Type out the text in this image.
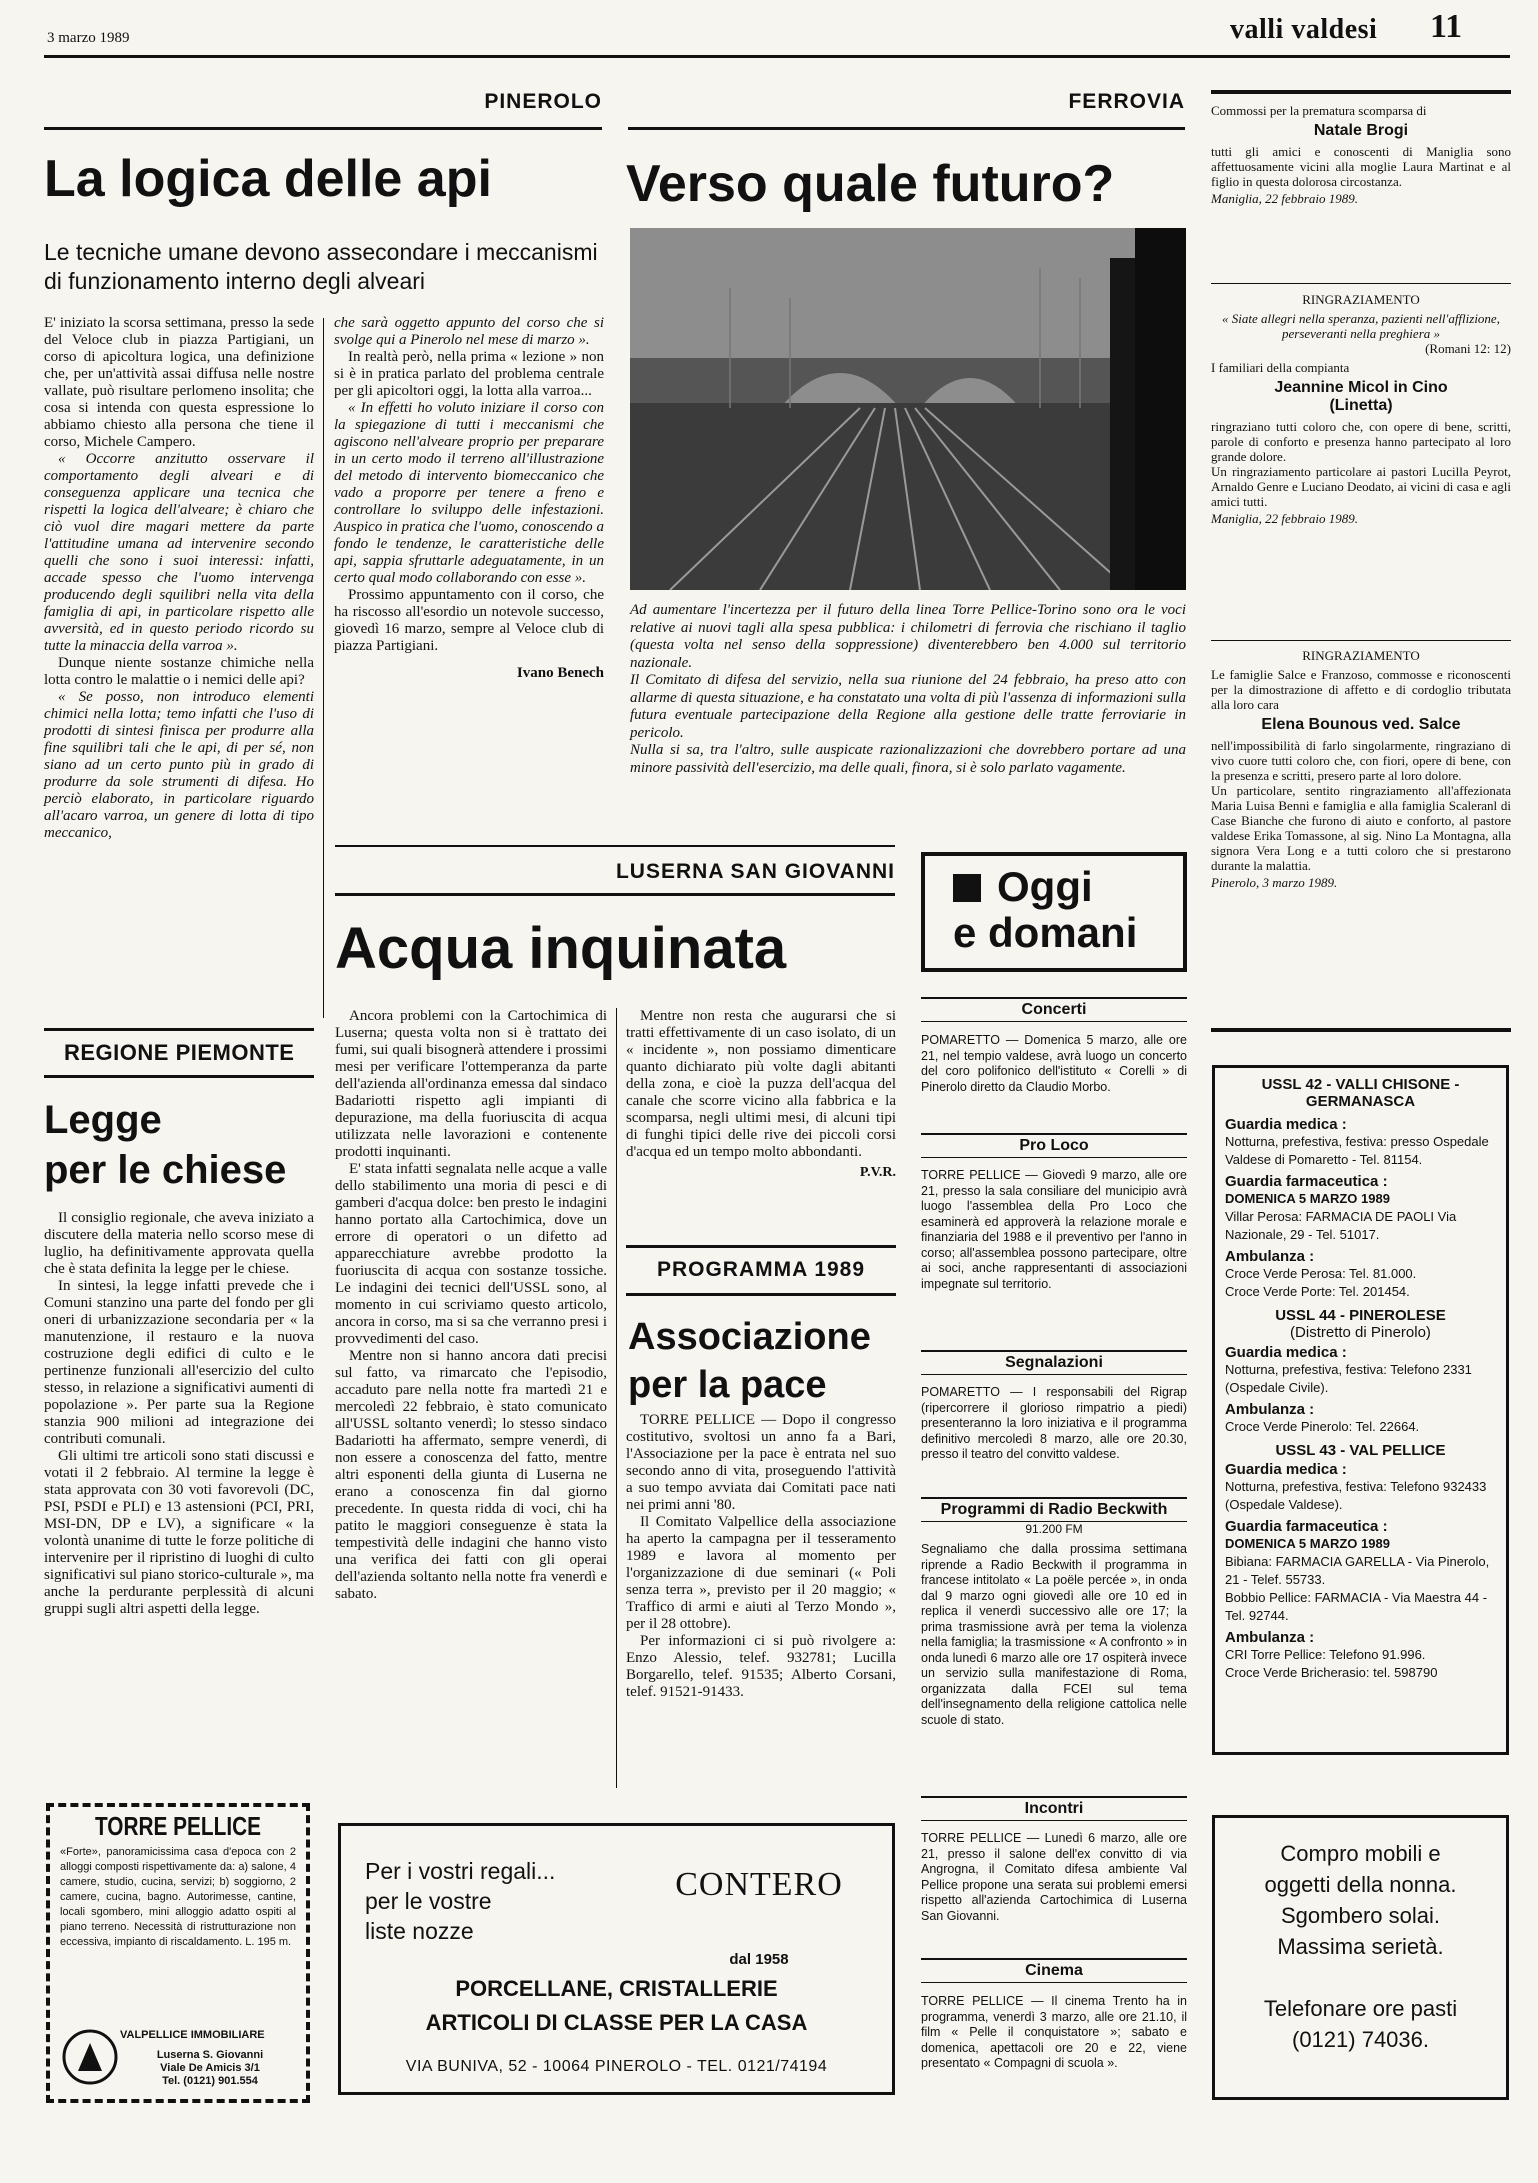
3 marzo 1989	valli valdesi 11
PINEROLO
La logica delle api
Le tecniche umane devono assecondare i meccanismi di funzionamento interno degli alveari
E' iniziato la scorsa settimana, presso la sede del Veloce club in piazza Partigiani, un corso di apicoltura logica, una definizione che, per un'attività assai diffusa nelle nostre vallate, può risultare perlomeno insolita; che cosa si intenda con questa espressione lo abbiamo chiesto alla persona che tiene il corso, Michele Campero.
« Occorre anzitutto osservare il comportamento degli alveari e di conseguenza applicare una tecnica che rispetti la logica dell'alveare; è chiaro che ciò vuol dire magari mettere da parte l'attitudine umana ad intervenire secondo quelli che sono i suoi interessi: infatti, accade spesso che l'uomo intervenga producendo degli squilibri nella vita della famiglia di api, in particolare rispetto alle avversità, ed in questo periodo ricordo su tutte la minaccia della varroa ».
Dunque niente sostanze chimiche nella lotta contro le malattie o i nemici delle api?
« Se posso, non introduco elementi chimici nella lotta; temo infatti che l'uso di prodotti di sintesi finisca per produrre alla fine squilibri tali che le api, di per sé, non siano ad un certo punto più in grado di produrre da sole strumenti di difesa. Ho perciò elaborato, in particolare riguardo all'acaro varroa, un genere di lotta di tipo meccanico,
che sarà oggetto appunto del corso che si svolge qui a Pinerolo nel mese di marzo ».
In realtà però, nella prima « lezione » non si è in pratica parlato del problema centrale per gli apicoltori oggi, la lotta alla varroa...
« In effetti ho voluto iniziare il corso con la spiegazione di tutti i meccanismi che agiscono nell'alveare proprio per preparare in un certo modo il terreno all'illustrazione del metodo di intervento biomeccanico che vado a proporre per tenere a freno e controllare lo sviluppo delle infestazioni. Auspico in pratica che l'uomo, conoscendo a fondo le tendenze, le caratteristiche delle api, sappia sfruttarle adeguatamente, in un certo qual modo collaborando con esse ».
Prossimo appuntamento con il corso, che ha riscosso all'esordio un notevole successo, giovedì 16 marzo, sempre al Veloce club di piazza Partigiani.
Ivano Benech
FERROVIA
Verso quale futuro?
Ad aumentare l'incertezza per il futuro della linea Torre Pellice-Torino sono ora le voci relative ai nuovi tagli alla spesa pubblica: i chilometri di ferrovia che rischiano il taglio (questa volta nel senso della soppressione) diventerebbero ben 4.000 sul territorio nazionale.
Il Comitato di difesa del servizio, nella sua riunione del 24 febbraio, ha preso atto con allarme di questa situazione, e ha constatato una volta di più l'assenza di informazioni sulla futura eventuale partecipazione della Regione alla gestione delle tratte ferroviarie in pericolo.
Nulla si sa, tra l'altro, sulle auspicate razionalizzazioni che dovrebbero portare ad una minore passività dell'esercizio, ma delle quali, finora, si è solo parlato vagamente.
REGIONE PIEMONTE
Legge
per le chiese
Il consiglio regionale, che aveva iniziato a discutere della materia nello scorso mese di luglio, ha definitivamente approvata quella che è stata definita la legge per le chiese.
In sintesi, la legge infatti prevede che i Comuni stanzino una parte del fondo per gli oneri di urbanizzazione secondaria per « la manutenzione, il restauro e la nuova costruzione degli edifici di culto e le pertinenze funzionali all'esercizio del culto stesso, in relazione a significativi aumenti di popolazione ». Per parte sua la Regione stanzia 900 milioni ad integrazione dei contributi comunali.
Gli ultimi tre articoli sono stati discussi e votati il 2 febbraio. Al termine la legge è stata approvata con 30 voti favorevoli (DC, PSI, PSDI e PLI) e 13 astensioni (PCI, PRI, MSI-DN, DP e LV), a significare « la volontà unanime di tutte le forze politiche di intervenire per il ripristino di luoghi di culto significativi sul piano storico-culturale », ma anche la perdurante perplessità di alcuni gruppi sugli altri aspetti della legge.
LUSERNA SAN GIOVANNI
Acqua inquinata
Ancora problemi con la Cartochimica di Luserna; questa volta non si è trattato dei fumi, sui quali bisognerà attendere i prossimi mesi per verificare l'ottemperanza da parte dell'azienda all'ordinanza emessa dal sindaco Badariotti rispetto agli impianti di depurazione, ma della fuoriuscita di acqua utilizzata nelle lavorazioni e contenente prodotti inquinanti.
E' stata infatti segnalata nelle acque a valle dello stabilimento una moria di pesci e di gamberi d'acqua dolce: ben presto le indagini hanno portato alla Cartochimica, dove un errore di operatori o un difetto ad apparecchiature avrebbe prodotto la fuoriuscita di acqua con sostanze tossiche. Le indagini dei tecnici dell'USSL sono, al momento in cui scriviamo questo articolo, ancora in corso, ma si sa che verranno presi i provvedimenti del caso.
Mentre non si hanno ancora dati precisi sul fatto, va rimarcato che l'episodio, accaduto pare nella notte fra martedì 21 e mercoledì 22 febbraio, è stato comunicato all'USSL soltanto venerdì; lo stesso sindaco Badariotti ha affermato, sempre venerdì, di non essere a conoscenza del fatto, mentre altri esponenti della giunta di Luserna ne erano a conoscenza fin dal giorno precedente. In questa ridda di voci, chi ha patito le maggiori conseguenze è stata la tempestività delle indagini che hanno visto una verifica dei fatti con gli operai dell'azienda soltanto nella notte fra venerdì e sabato.
Mentre non resta che augurarsi che si tratti effettivamente di un caso isolato, di un « incidente », non possiamo dimenticare quanto dichiarato più volte dagli abitanti della zona, e cioè la puzza dell'acqua del canale che scorre vicino alla fabbrica e la scomparsa, negli ultimi mesi, di alcuni tipi di funghi tipici delle rive dei piccoli corsi d'acqua ed un tempo molto abbondanti.
P.V.R.
PROGRAMMA 1989
Associazione
per la pace
TORRE PELLICE — Dopo il congresso costitutivo, svoltosi un anno fa a Bari, l'Associazione per la pace è entrata nel suo secondo anno di vita, proseguendo l'attività a suo tempo avviata dai Comitati pace nati nei primi anni '80.
Il Comitato Valpellice della associazione ha aperto la campagna per il tesseramento 1989 e lavora al momento per l'organizzazione di due seminari (« Poli senza terra », previsto per il 20 maggio; « Traffico di armi e aiuti al Terzo Mondo », per il 28 ottobre).
Per informazioni ci si può rivolgere a: Enzo Alessio, telef. 932781; Lucilla Borgarello, telef. 91535; Alberto Corsani, telef. 91521-91433.
Oggi
e domani
Concerti
POMARETTO — Domenica 5 marzo, alle ore 21, nel tempio valdese, avrà luogo un concerto del coro polifonico dell'istituto « Corelli » di Pinerolo diretto da Claudio Morbo.
Pro Loco
TORRE PELLICE — Giovedì 9 marzo, alle ore 21, presso la sala consiliare del municipio avrà luogo l'assemblea della Pro Loco che esaminerà ed approverà la relazione morale e finanziaria del 1988 e il preventivo per l'anno in corso; all'assemblea possono partecipare, oltre ai soci, anche rappresentanti di associazioni impegnate sul territorio.
Segnalazioni
POMARETTO — I responsabili del Rigrap (ripercorrere il glorioso rimpatrio a piedi) presenteranno la loro iniziativa e il programma definitivo mercoledì 8 marzo, alle ore 20.30, presso il teatro del convitto valdese.
Programmi di Radio Beckwith
91.200 FM
Segnaliamo che dalla prossima settimana riprende a Radio Beckwith il programma in francese intitolato « La poële percée », in onda dal 9 marzo ogni giovedì alle ore 10 ed in replica il venerdì successivo alle ore 17; la prima trasmissione avrà per tema la violenza nella famiglia; la trasmissione « A confronto » in onda lunedì 6 marzo alle ore 17 ospiterà invece un servizio sulla manifestazione di Roma, organizzata dalla FCEI sul tema dell'insegnamento della religione cattolica nelle scuole di stato.
Incontri
TORRE PELLICE — Lunedì 6 marzo, alle ore 21, presso il salone dell'ex convitto di via Angrogna, il Comitato difesa ambiente Val Pellice propone una serata sui problemi emersi rispetto all'azienda Cartochimica di Luserna San Giovanni.
Cinema
TORRE PELLICE — Il cinema Trento ha in programma, venerdì 3 marzo, alle ore 21.10, il film « Pelle il conquistatore »; sabato e domenica, apettacoli ore 20 e 22, viene presentato « Compagni di scuola ».
Commossi per la prematura scomparsa di
Natale Brogi
tutti gli amici e conoscenti di Maniglia sono affettuosamente vicini alla moglie Laura Martinat e al figlio in questa dolorosa circostanza.
Maniglia, 22 febbraio 1989.
RINGRAZIAMENTO
« Siate allegri nella speranza, pazienti nell'afflizione, perseveranti nella preghiera »
(Romani 12: 12)
I familiari della compianta
Jeannine Micol in Cino
(Linetta)
ringraziano tutti coloro che, con opere di bene, scritti, parole di conforto e presenza hanno partecipato al loro grande dolore.
Un ringraziamento particolare ai pastori Lucilla Peyrot, Arnaldo Genre e Luciano Deodato, ai vicini di casa e agli amici tutti.
Maniglia, 22 febbraio 1989.
RINGRAZIAMENTO
Le famiglie Salce e Franzoso, commosse e riconoscenti per la dimostrazione di affetto e di cordoglio tributata alla loro cara
Elena Bounous ved. Salce
nell'impossibilità di farlo singolarmente, ringraziano di vivo cuore tutti coloro che, con fiori, opere di bene, con la presenza e scritti, presero parte al loro dolore.
Un particolare, sentito ringraziamento all'affezionata Maria Luisa Benni e famiglia e alla famiglia Scaleranl di Case Bianche che furono di aiuto e conforto, al pastore valdese Erika Tomassone, al sig. Nino La Montagna, alla signora Vera Long e a tutti coloro che si prestarono durante la malattia.
Pinerolo, 3 marzo 1989.
USSL 42 - VALLI CHISONE - GERMANASCA
Guardia medica :
Notturna, prefestiva, festiva: presso Ospedale Valdese di Pomaretto - Tel. 81154.
Guardia farmaceutica :
DOMENICA 5 MARZO 1989
Villar Perosa: FARMACIA DE PAOLI Via Nazionale, 29 - Tel. 51017.
Ambulanza :
Croce Verde Perosa: Tel. 81.000.
Croce Verde Porte: Tel. 201454.
USSL 44 - PINEROLESE
(Distretto di Pinerolo)
Guardia medica :
Notturna, prefestiva, festiva: Telefono 2331 (Ospedale Civile).
Ambulanza :
Croce Verde Pinerolo: Tel. 22664.
USSL 43 - VAL PELLICE
Guardia medica :
Notturna, prefestiva, festiva: Telefono 932433 (Ospedale Valdese).
Guardia farmaceutica :
DOMENICA 5 MARZO 1989
Bibiana: FARMACIA GARELLA - Via Pinerolo, 21 - Telef. 55733.
Bobbio Pellice: FARMACIA - Via Maestra 44 - Tel. 92744.
Ambulanza :
CRI Torre Pellice: Telefono 91.996.
Croce Verde Bricherasio: tel. 598790
TORRE PELLICE
«Forte», panoramicissima casa d'epoca con 2 alloggi composti rispettivamente da: a) salone, 4 camere, studio, cucina, servizi; b) soggiorno, 2 camere, cucina, bagno. Autorimesse, cantine, locali sgombero, mini alloggio adatto ospiti al piano terreno. Necessità di ristrutturazione non eccessiva, impianto di riscaldamento. L. 195 m.
VALPELLICE IMMOBILIARE
Luserna S. Giovanni
Viale De Amicis 3/1
Tel. (0121) 901.554
Per i vostri regali...
per le vostre
liste nozze
CONTERO
dal 1958
PORCELLANE, CRISTALLERIE
ARTICOLI DI CLASSE PER LA CASA
VIA BUNIVA, 52 - 10064 PINEROLO - TEL. 0121/74194
Compro mobili e
oggetti della nonna.
Sgombero solai.
Massima serietà.

Telefonare ore pasti
(0121) 74036.
